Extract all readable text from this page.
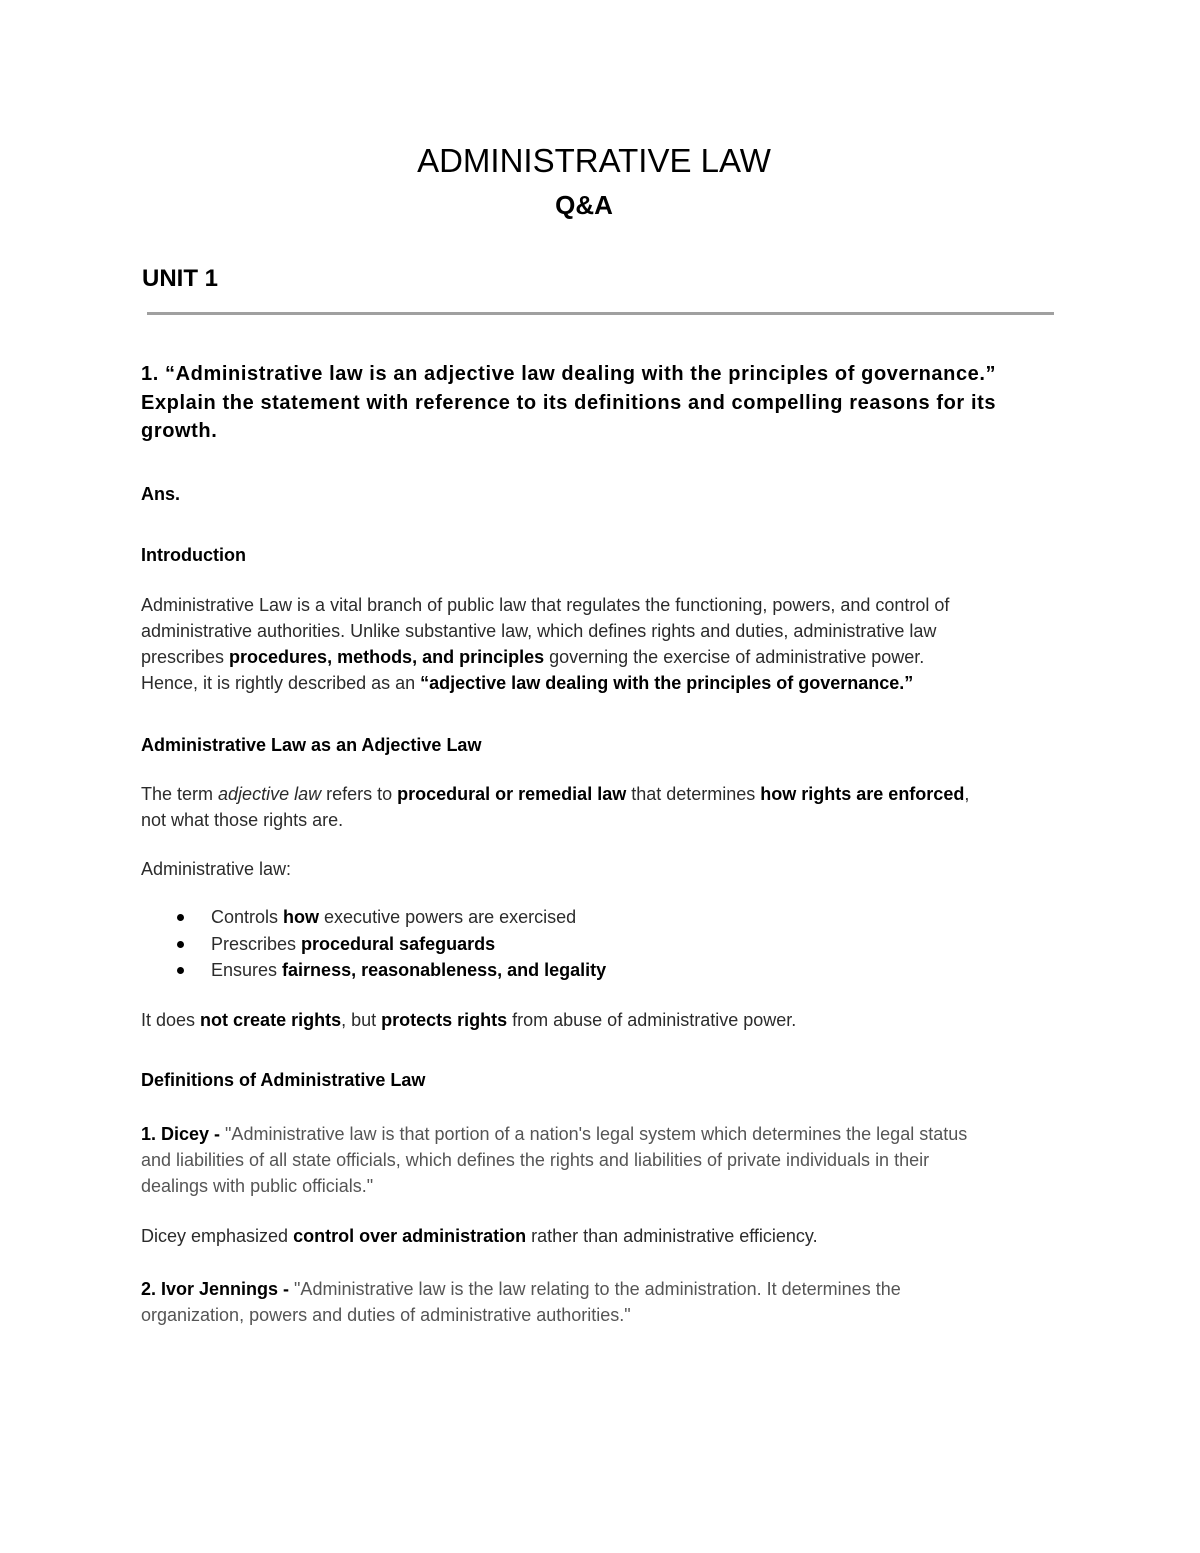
ADMINISTRATIVE LAW
Q&A
UNIT 1
1. “Administrative law is an adjective law dealing with the principles of governance.” Explain the statement with reference to its definitions and compelling reasons for its growth.
Ans.
Introduction
Administrative Law is a vital branch of public law that regulates the functioning, powers, and control of
administrative authorities. Unlike substantive law, which defines rights and duties, administrative law
prescribes procedures, methods, and principles governing the exercise of administrative power.
Hence, it is rightly described as an “adjective law dealing with the principles of governance.”
Administrative Law as an Adjective Law
The term adjective law refers to procedural or remedial law that determines how rights are enforced,
not what those rights are.
Administrative law:
Controls how executive powers are exercised
Prescribes procedural safeguards
Ensures fairness, reasonableness, and legality
It does not create rights, but protects rights from abuse of administrative power.
Definitions of Administrative Law
1. Dicey - "Administrative law is that portion of a nation's legal system which determines the legal status
and liabilities of all state officials, which defines the rights and liabilities of private individuals in their
dealings with public officials."
Dicey emphasized control over administration rather than administrative efficiency.
2. Ivor Jennings - "Administrative law is the law relating to the administration. It determines the
organization, powers and duties of administrative authorities."
